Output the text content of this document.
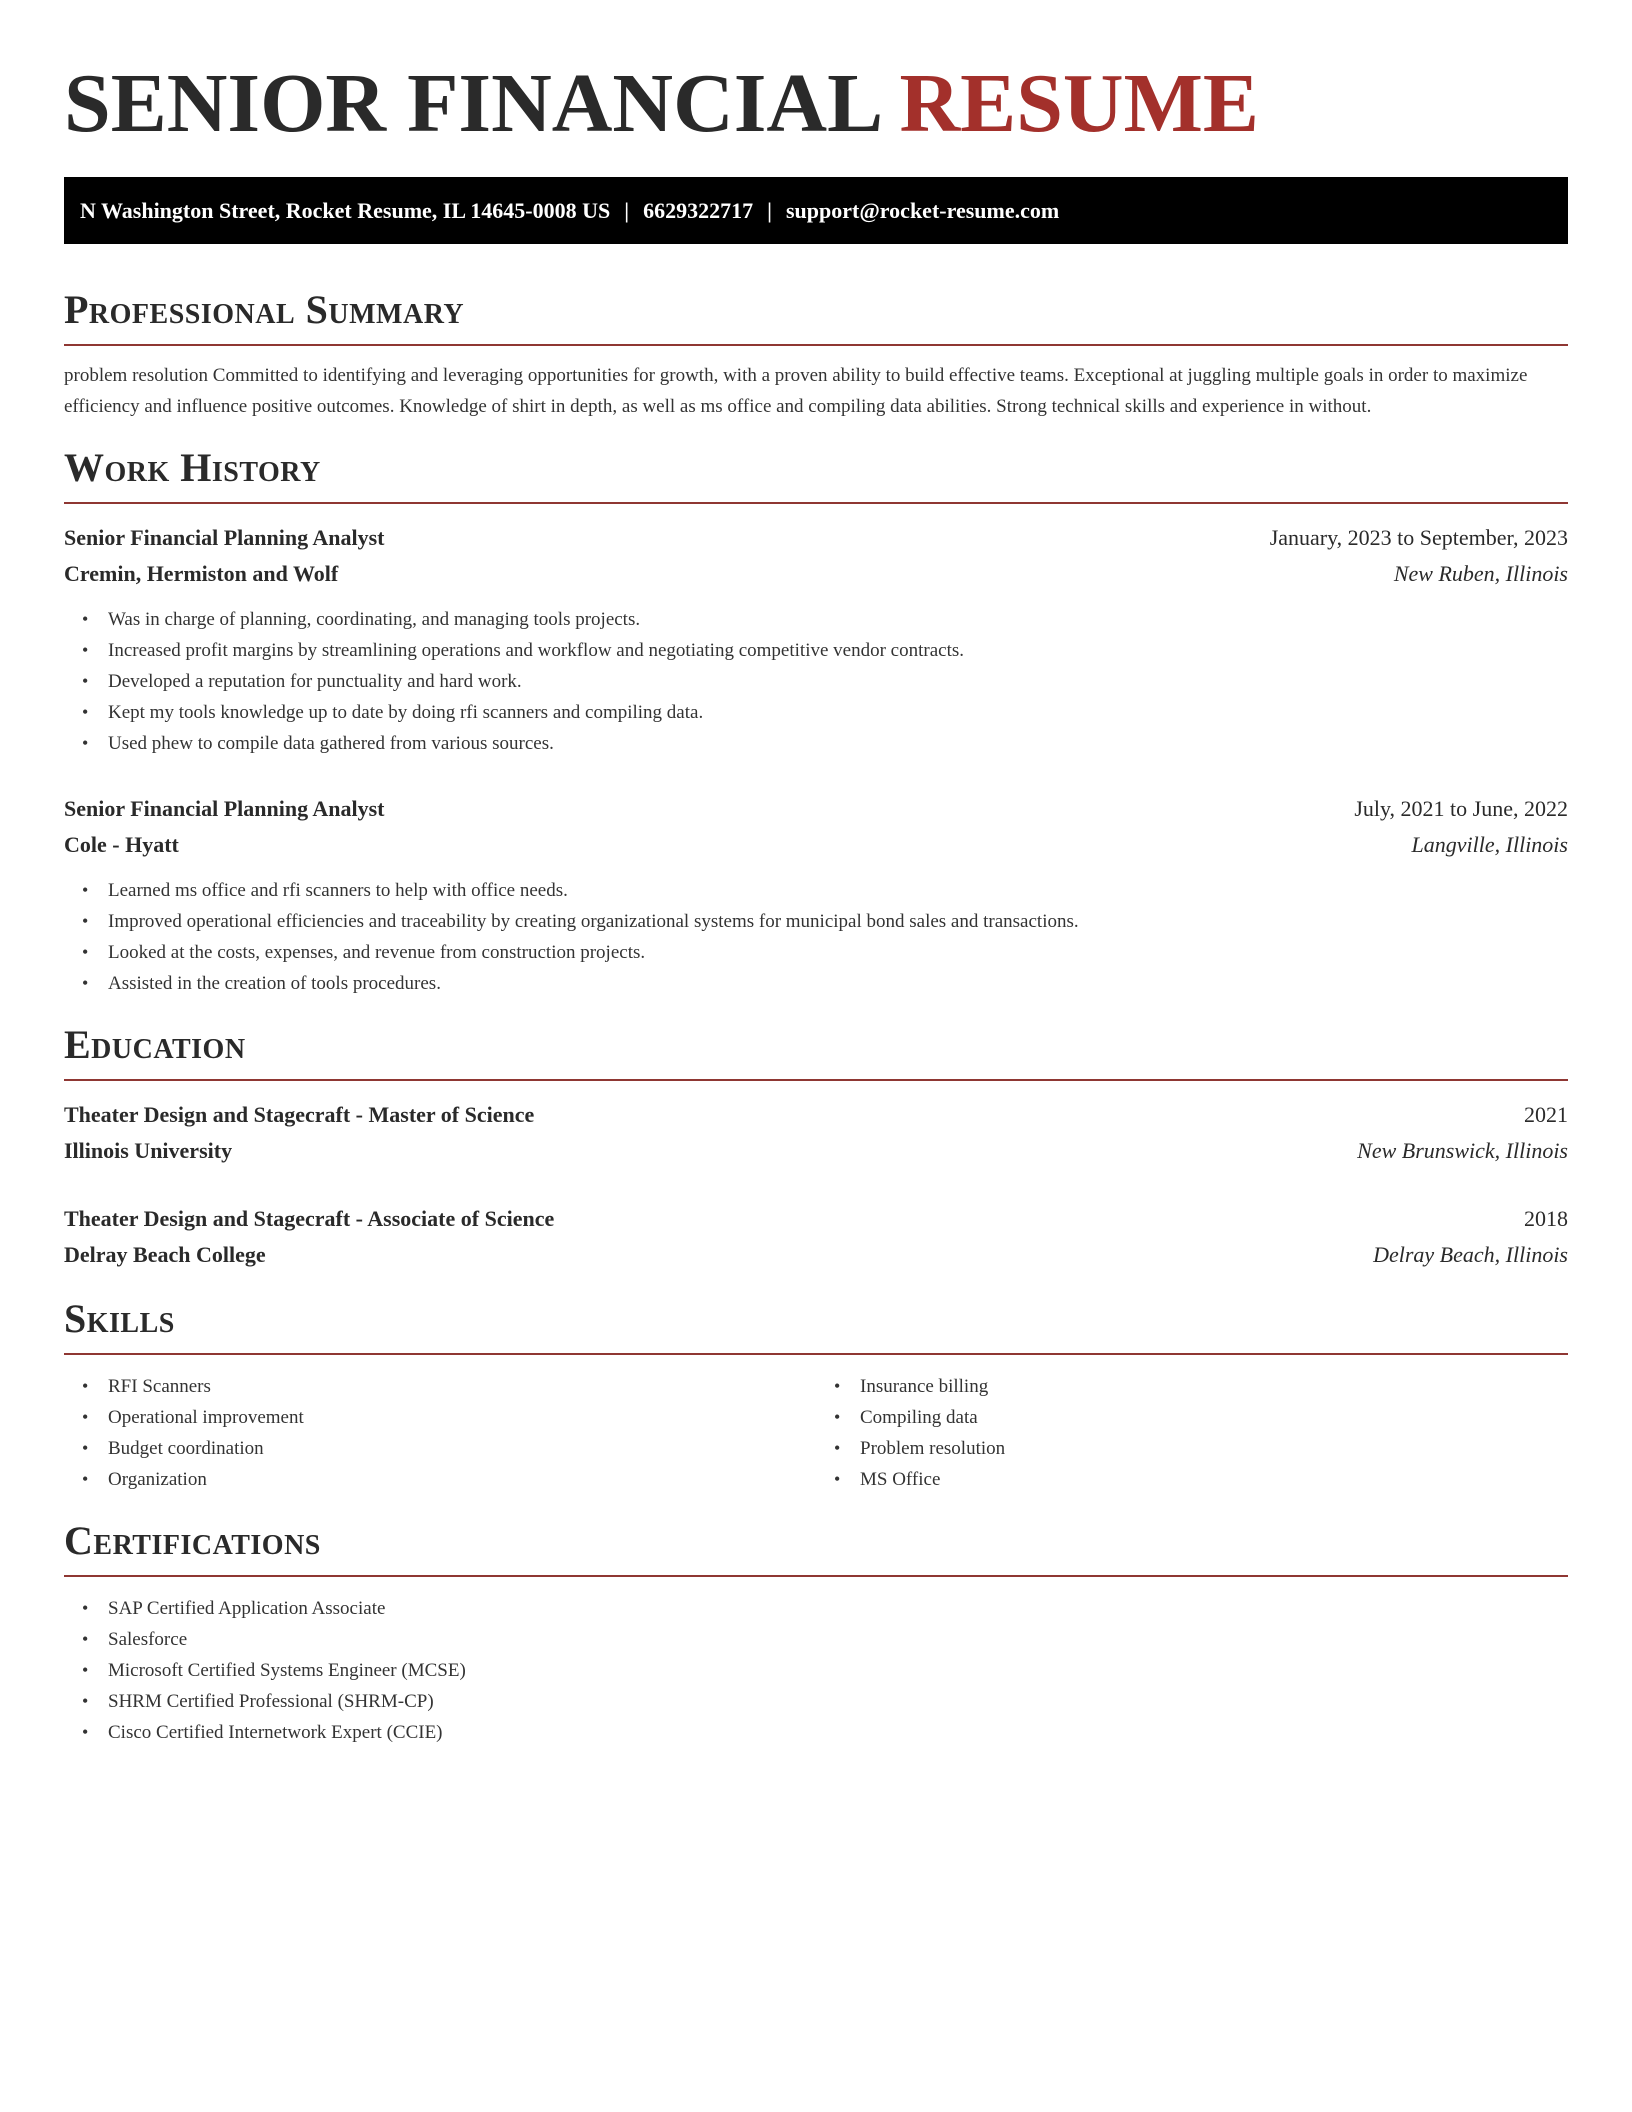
SENIOR FINANCIAL RESUME
N Washington Street, Rocket Resume, IL 14645-0008 US | 6629322717 | support@rocket-resume.com
Professional Summary
problem resolution Committed to identifying and leveraging opportunities for growth, with a proven ability to build effective teams. Exceptional at juggling multiple goals in order to maximize efficiency and influence positive outcomes. Knowledge of shirt in depth, as well as ms office and compiling data abilities. Strong technical skills and experience in without.
Work History
Senior Financial Planning Analyst	January, 2023 to September, 2023
Cremin, Hermiston and Wolf	New Ruben, Illinois
• Was in charge of planning, coordinating, and managing tools projects.
• Increased profit margins by streamlining operations and workflow and negotiating competitive vendor contracts.
• Developed a reputation for punctuality and hard work.
• Kept my tools knowledge up to date by doing rfi scanners and compiling data.
• Used phew to compile data gathered from various sources.
Senior Financial Planning Analyst	July, 2021 to June, 2022
Cole - Hyatt	Langville, Illinois
• Learned ms office and rfi scanners to help with office needs.
• Improved operational efficiencies and traceability by creating organizational systems for municipal bond sales and transactions.
• Looked at the costs, expenses, and revenue from construction projects.
• Assisted in the creation of tools procedures.
Education
Theater Design and Stagecraft - Master of Science	2021
Illinois University	New Brunswick, Illinois
Theater Design and Stagecraft - Associate of Science	2018
Delray Beach College	Delray Beach, Illinois
Skills
• RFI Scanners
• Operational improvement
• Budget coordination
• Organization
• Insurance billing
• Compiling data
• Problem resolution
• MS Office
Certifications
• SAP Certified Application Associate
• Salesforce
• Microsoft Certified Systems Engineer (MCSE)
• SHRM Certified Professional (SHRM-CP)
• Cisco Certified Internetwork Expert (CCIE)
